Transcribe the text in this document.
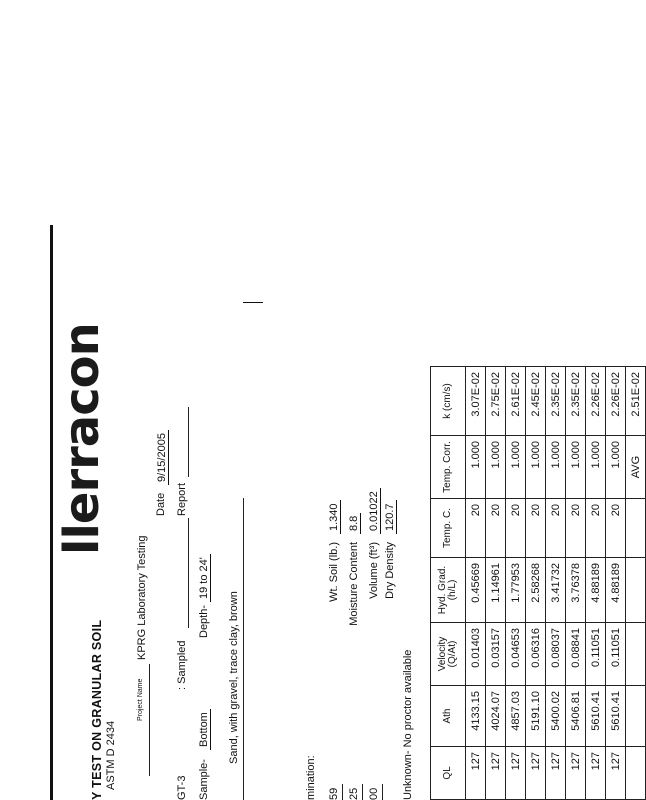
llerracon
Y TEST ON GRANULAR SOIL ASTM D 2434
Project Name
KPRG Laboratory Testing
Date
9/15/2005
: Sampled
Report
GT-3 Sample-
Bottom
Depth-
19 to 24'
Sand, with gravel, trace clay, brown
mination: 59 25 00
Wt. Soil (lb.)
1.340
Moisture Content
8.8
Volume (ft³)
0.01022
Dry Density
120.7
Unknown- No proctor available	QL	Ath	Velocity (Q/At)	Hyd. Grad. (h/L)	Temp. C.	Temp. Corr.	k (cm/s)
127	4133.15	0.01403	0.45669	20	1.000	3.07E-02
127	4024.07	0.03157	1.14961	20	1.000	2.75E-02
127	4857.03	0.04653	1.77953	20	1.000	2.61E-02
127	5191.10	0.06316	2.58268	20	1.000	2.45E-02
127	5400.02	0.08037	3.41732	20	1.000	2.35E-02
127	5406.81	0.08841	3.76378	20	1.000	2.35E-02
127	5610.41	0.11051	4.88189	20	1.000	2.26E-02
127	5610.41	0.11051	4.88189	20	1.000	2.26E-02
					AVG	2.51E-02
